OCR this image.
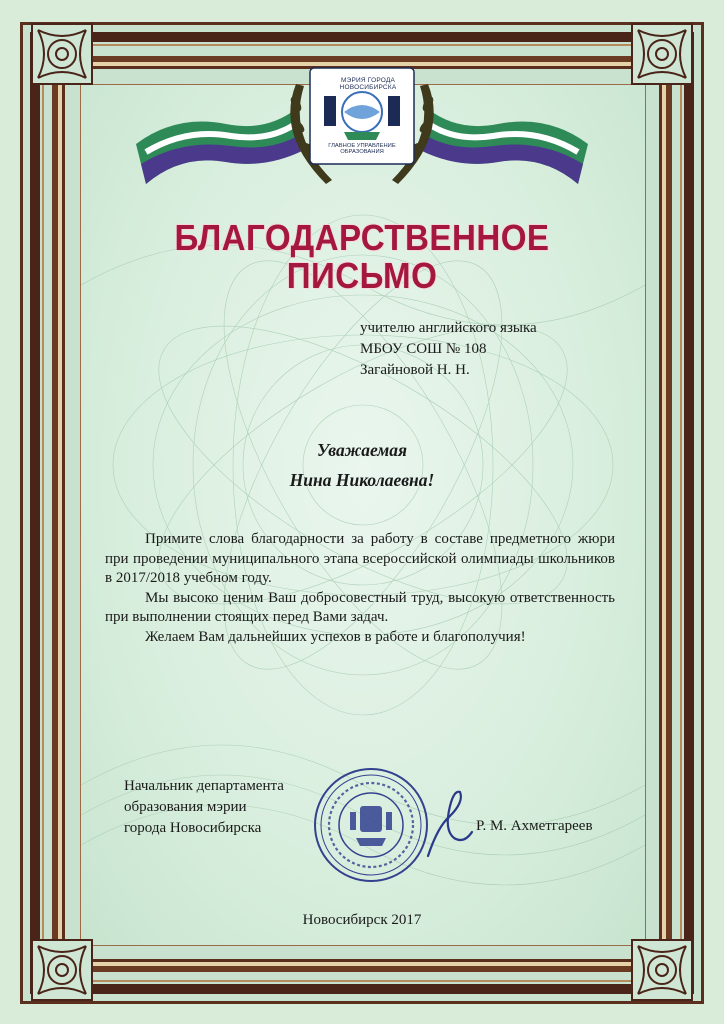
МЭРИЯ ГОРОДА НОВОСИБИРСКА
ГЛАВНОЕ УПРАВЛЕНИЕ ОБРАЗОВАНИЯ
БЛАГОДАРСТВЕННОЕ
ПИСЬМО
учителю английского языка
МБОУ СОШ № 108
Загайновой Н. Н.
Уважаемая
Нина Николаевна!

Примите слова благодарности за работу в составе предметного жюри при проведении муниципального этапа всероссийской олимпиады школьников в 2017/2018 учебном году.

Мы высоко ценим Ваш добросовестный труд, высокую ответственность при выполнении стоящих перед Вами задач.

Желаем Вам дальнейших успехов в работе и благополучия!

Начальник департамента
образования мэрии
города Новосибирска	Р. М. Ахметгареев
Новосибирск 2017
